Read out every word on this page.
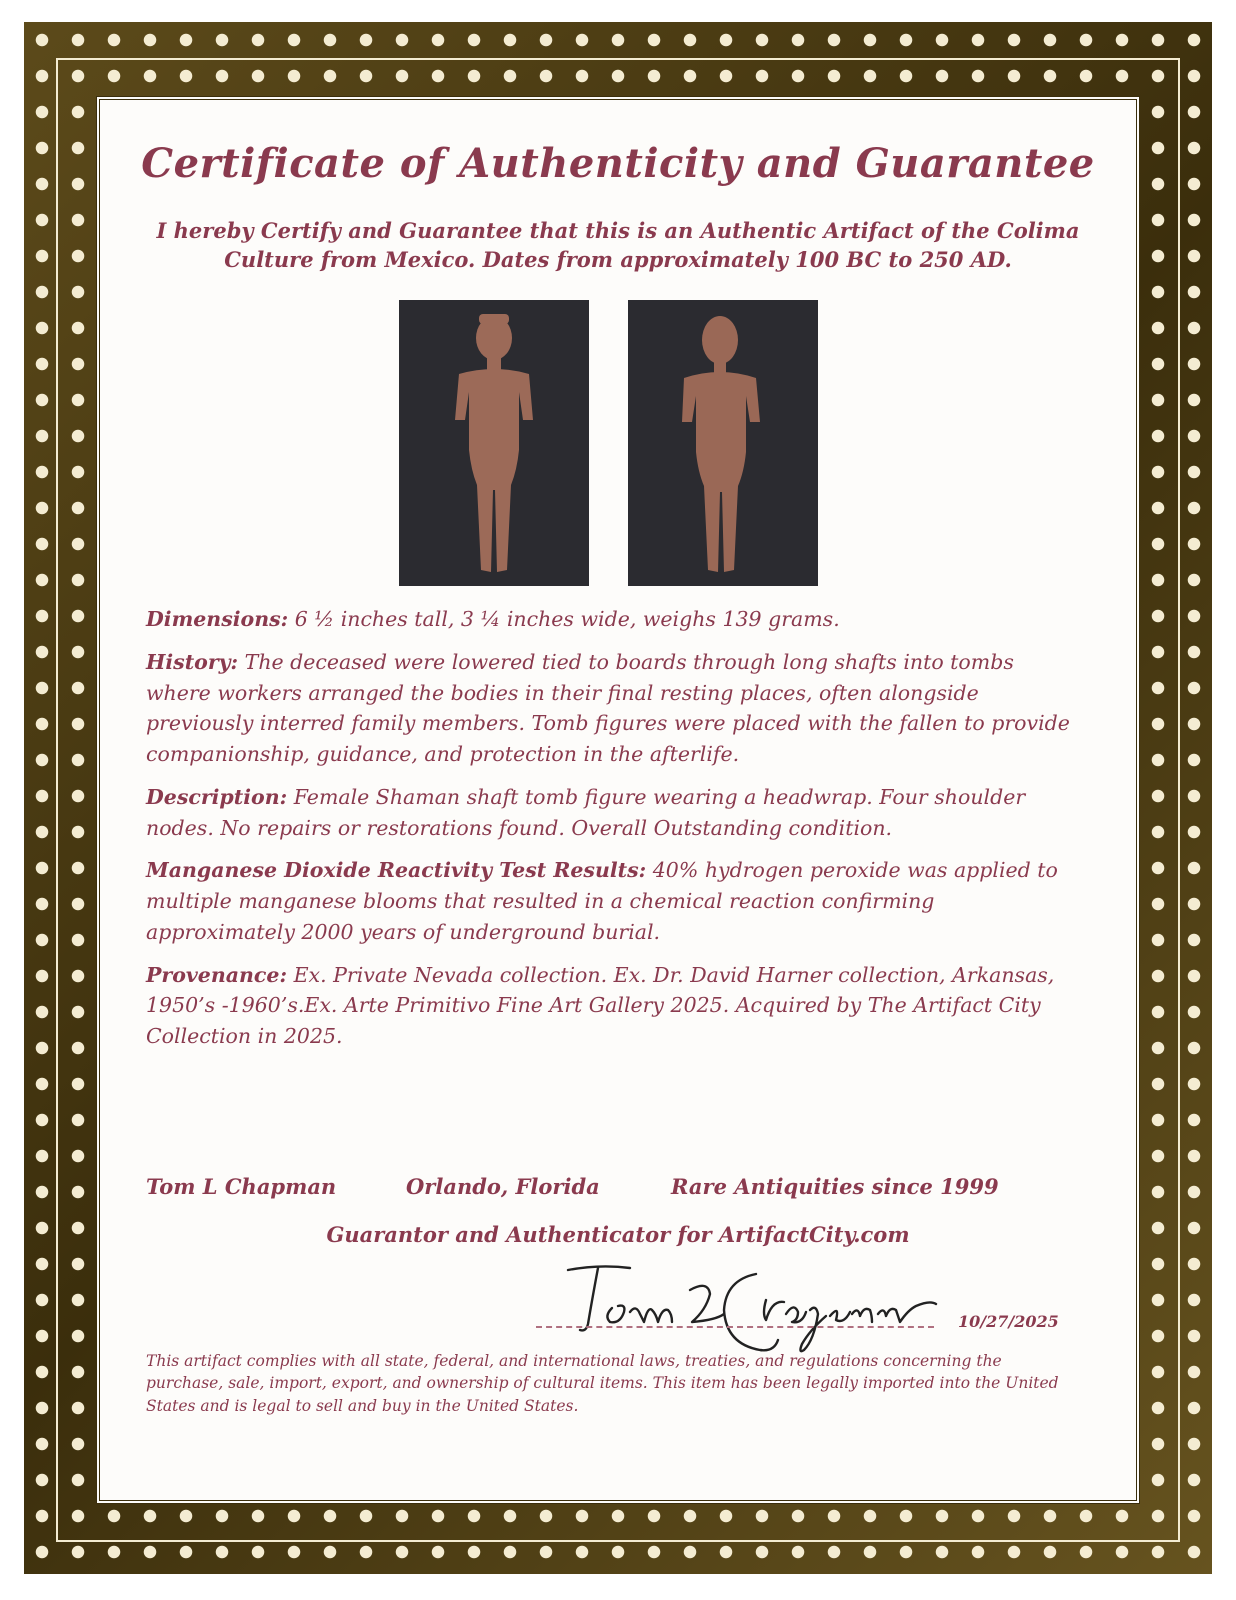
Certificate of Authenticity and Guarantee
I hereby Certify and Guarantee that this is an Authentic Artifact of the Colima Culture from Mexico. Dates from approximately 100 BC to 250 AD.

Dimensions: 6 ½ inches tall, 3 ¼ inches wide, weighs 139 grams.

History: The deceased were lowered tied to boards through long shafts into tombs where workers arranged the bodies in their final resting places, often alongside previously interred family members. Tomb figures were placed with the fallen to provide companionship, guidance, and protection in the afterlife.

Description: Female Shaman shaft tomb figure wearing a headwrap. Four shoulder nodes. No repairs or restorations found. Overall Outstanding condition.

Manganese Dioxide Reactivity Test Results: 40% hydrogen peroxide was applied to multiple manganese blooms that resulted in a chemical reaction confirming approximately 2000 years of underground burial.

Provenance: Ex. Private Nevada collection. Ex. Dr. David Harner collection, Arkansas, 1950’s -1960’s.Ex. Arte Primitivo Fine Art Gallery 2025. Acquired by The Artifact City Collection in 2025.

Tom L Chapman	Orlando, Florida	Rare Antiquities since 1999
Guarantor and Authenticator for ArtifactCity.com
10/27/2025
This artifact complies with all state, federal, and international laws, treaties, and regulations concerning the purchase, sale, import, export, and ownership of cultural items. This item has been legally imported into the United States and is legal to sell and buy in the United States.
